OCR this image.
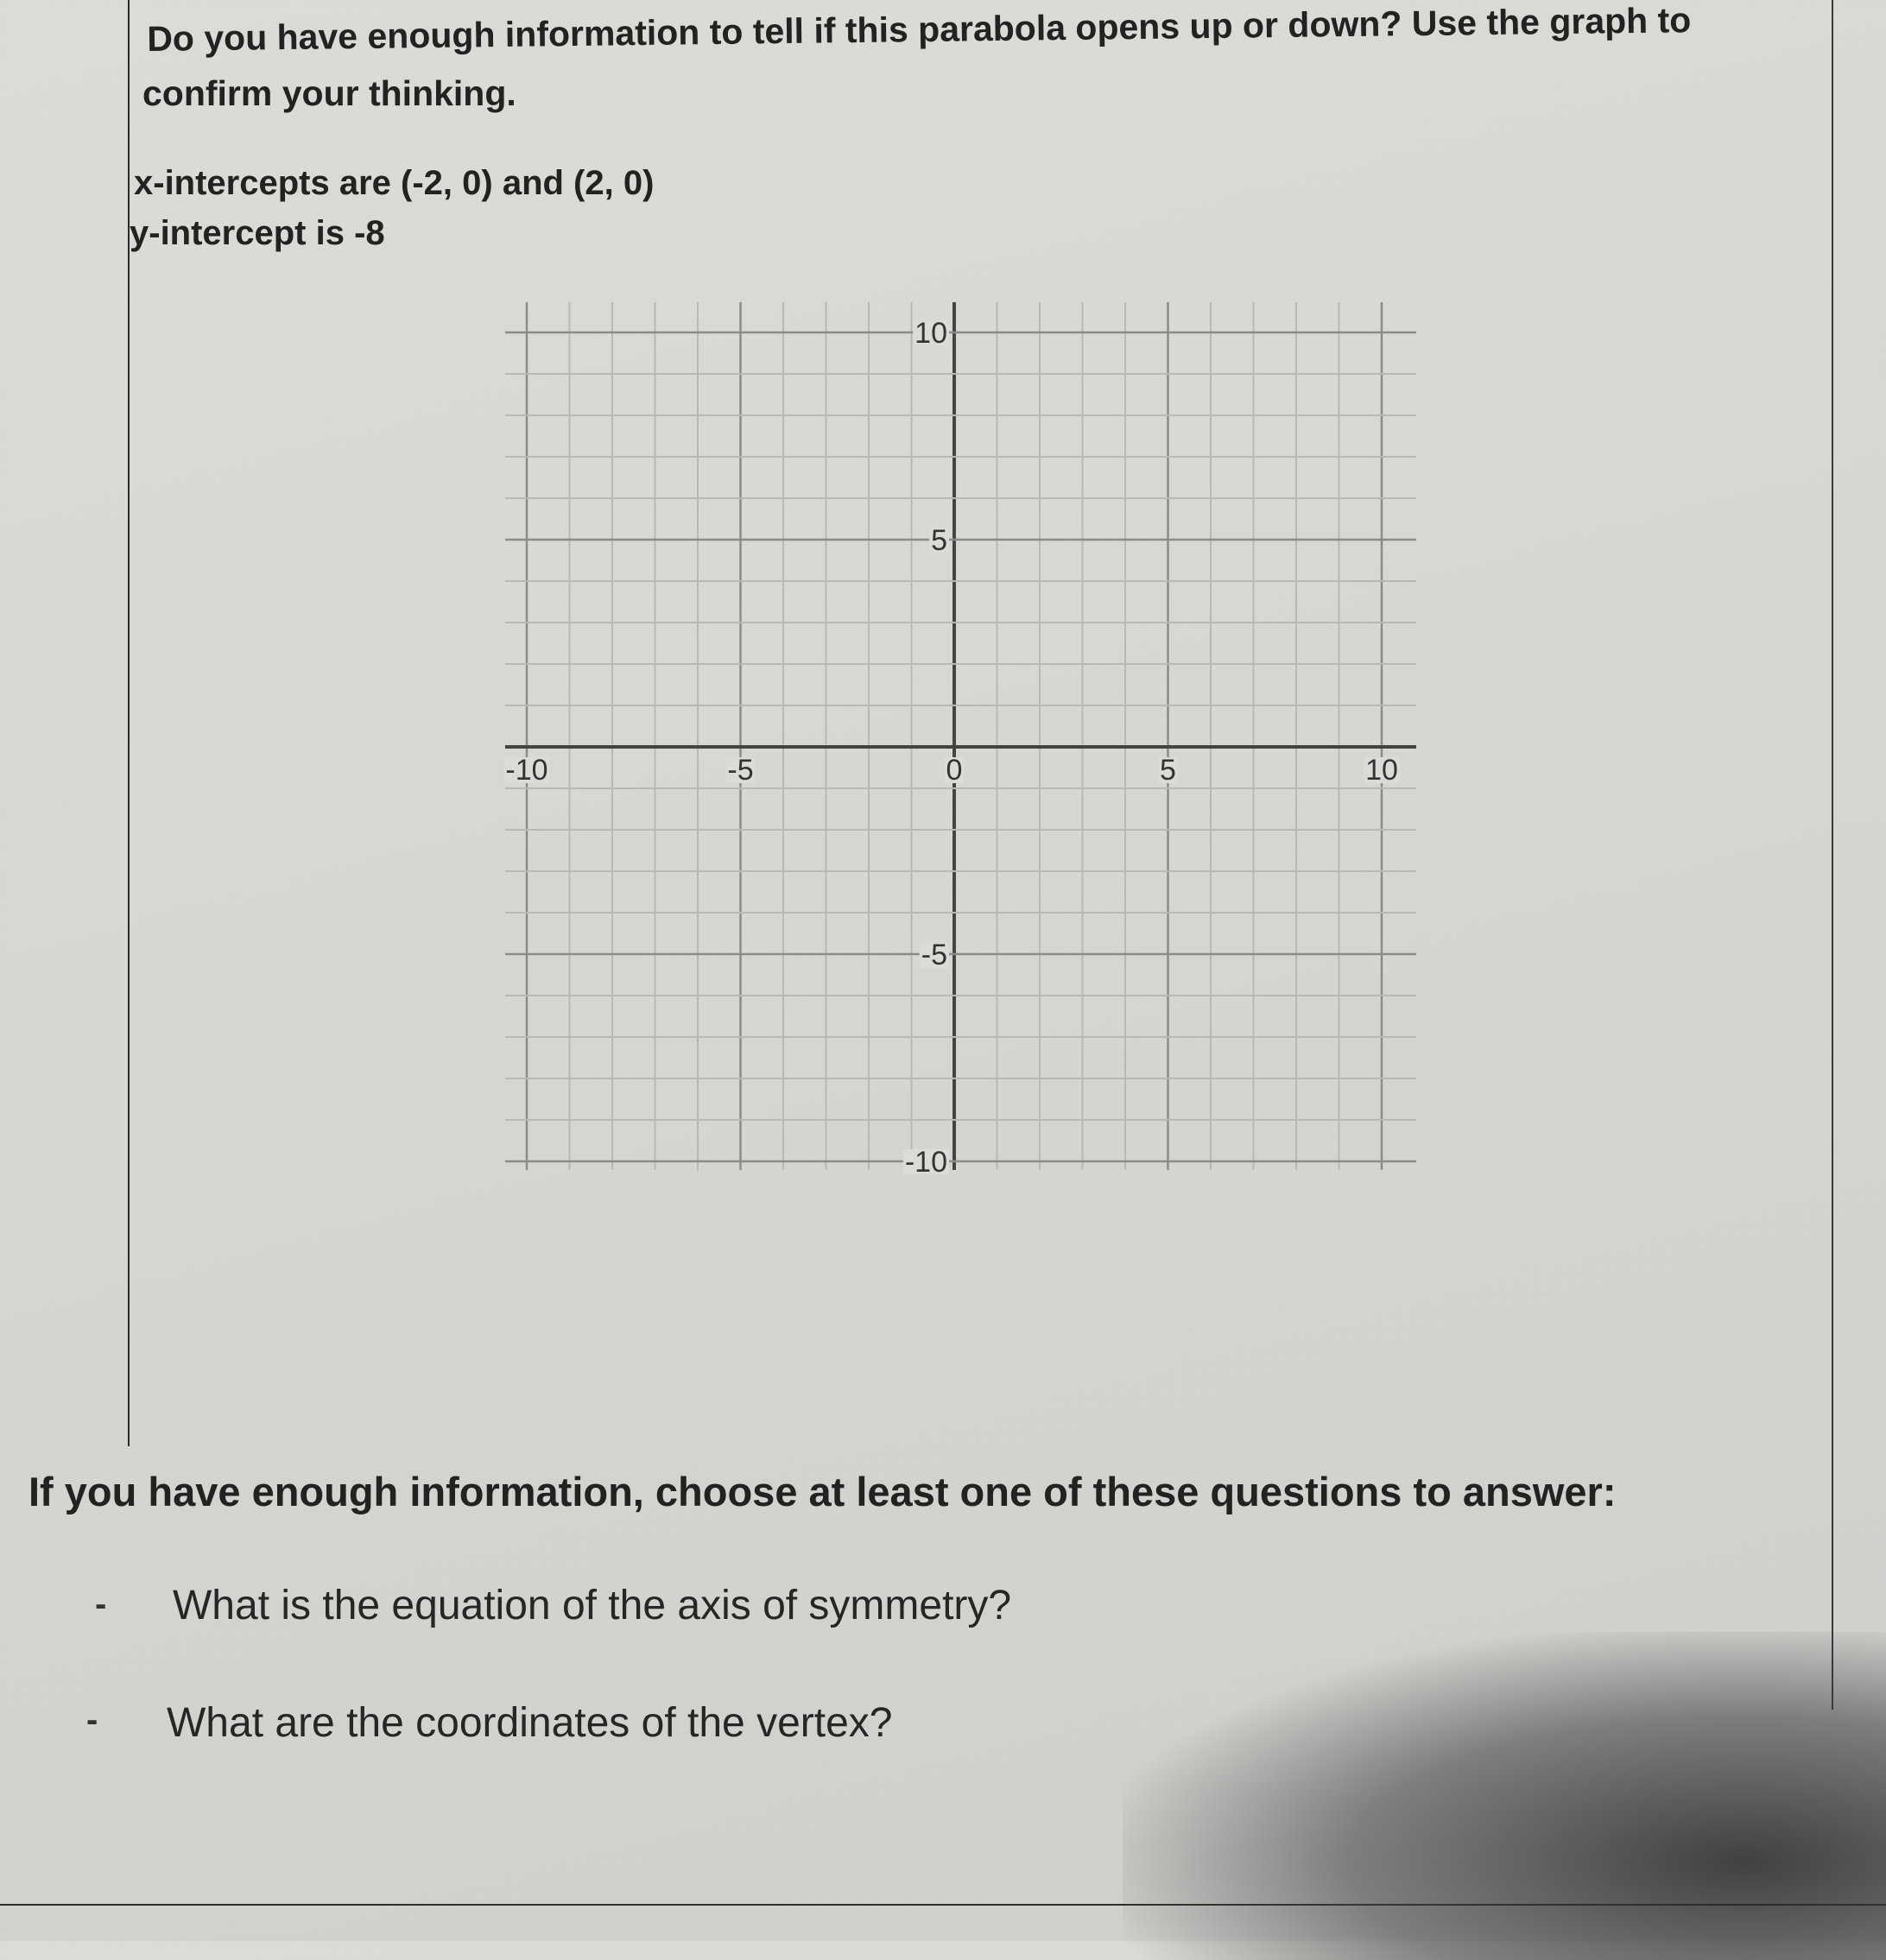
Do you have enough information to tell if this parabola opens up or down? Use the graph to
confirm your thinking.
x-intercepts are (-2, 0) and (2, 0)
y-intercept is -8
-10	-5	0	5	10
10
5
-5
-10
If you have enough information, choose at least one of these questions to answer:
- What is the equation of the axis of symmetry?
- What are the coordinates of the vertex?
